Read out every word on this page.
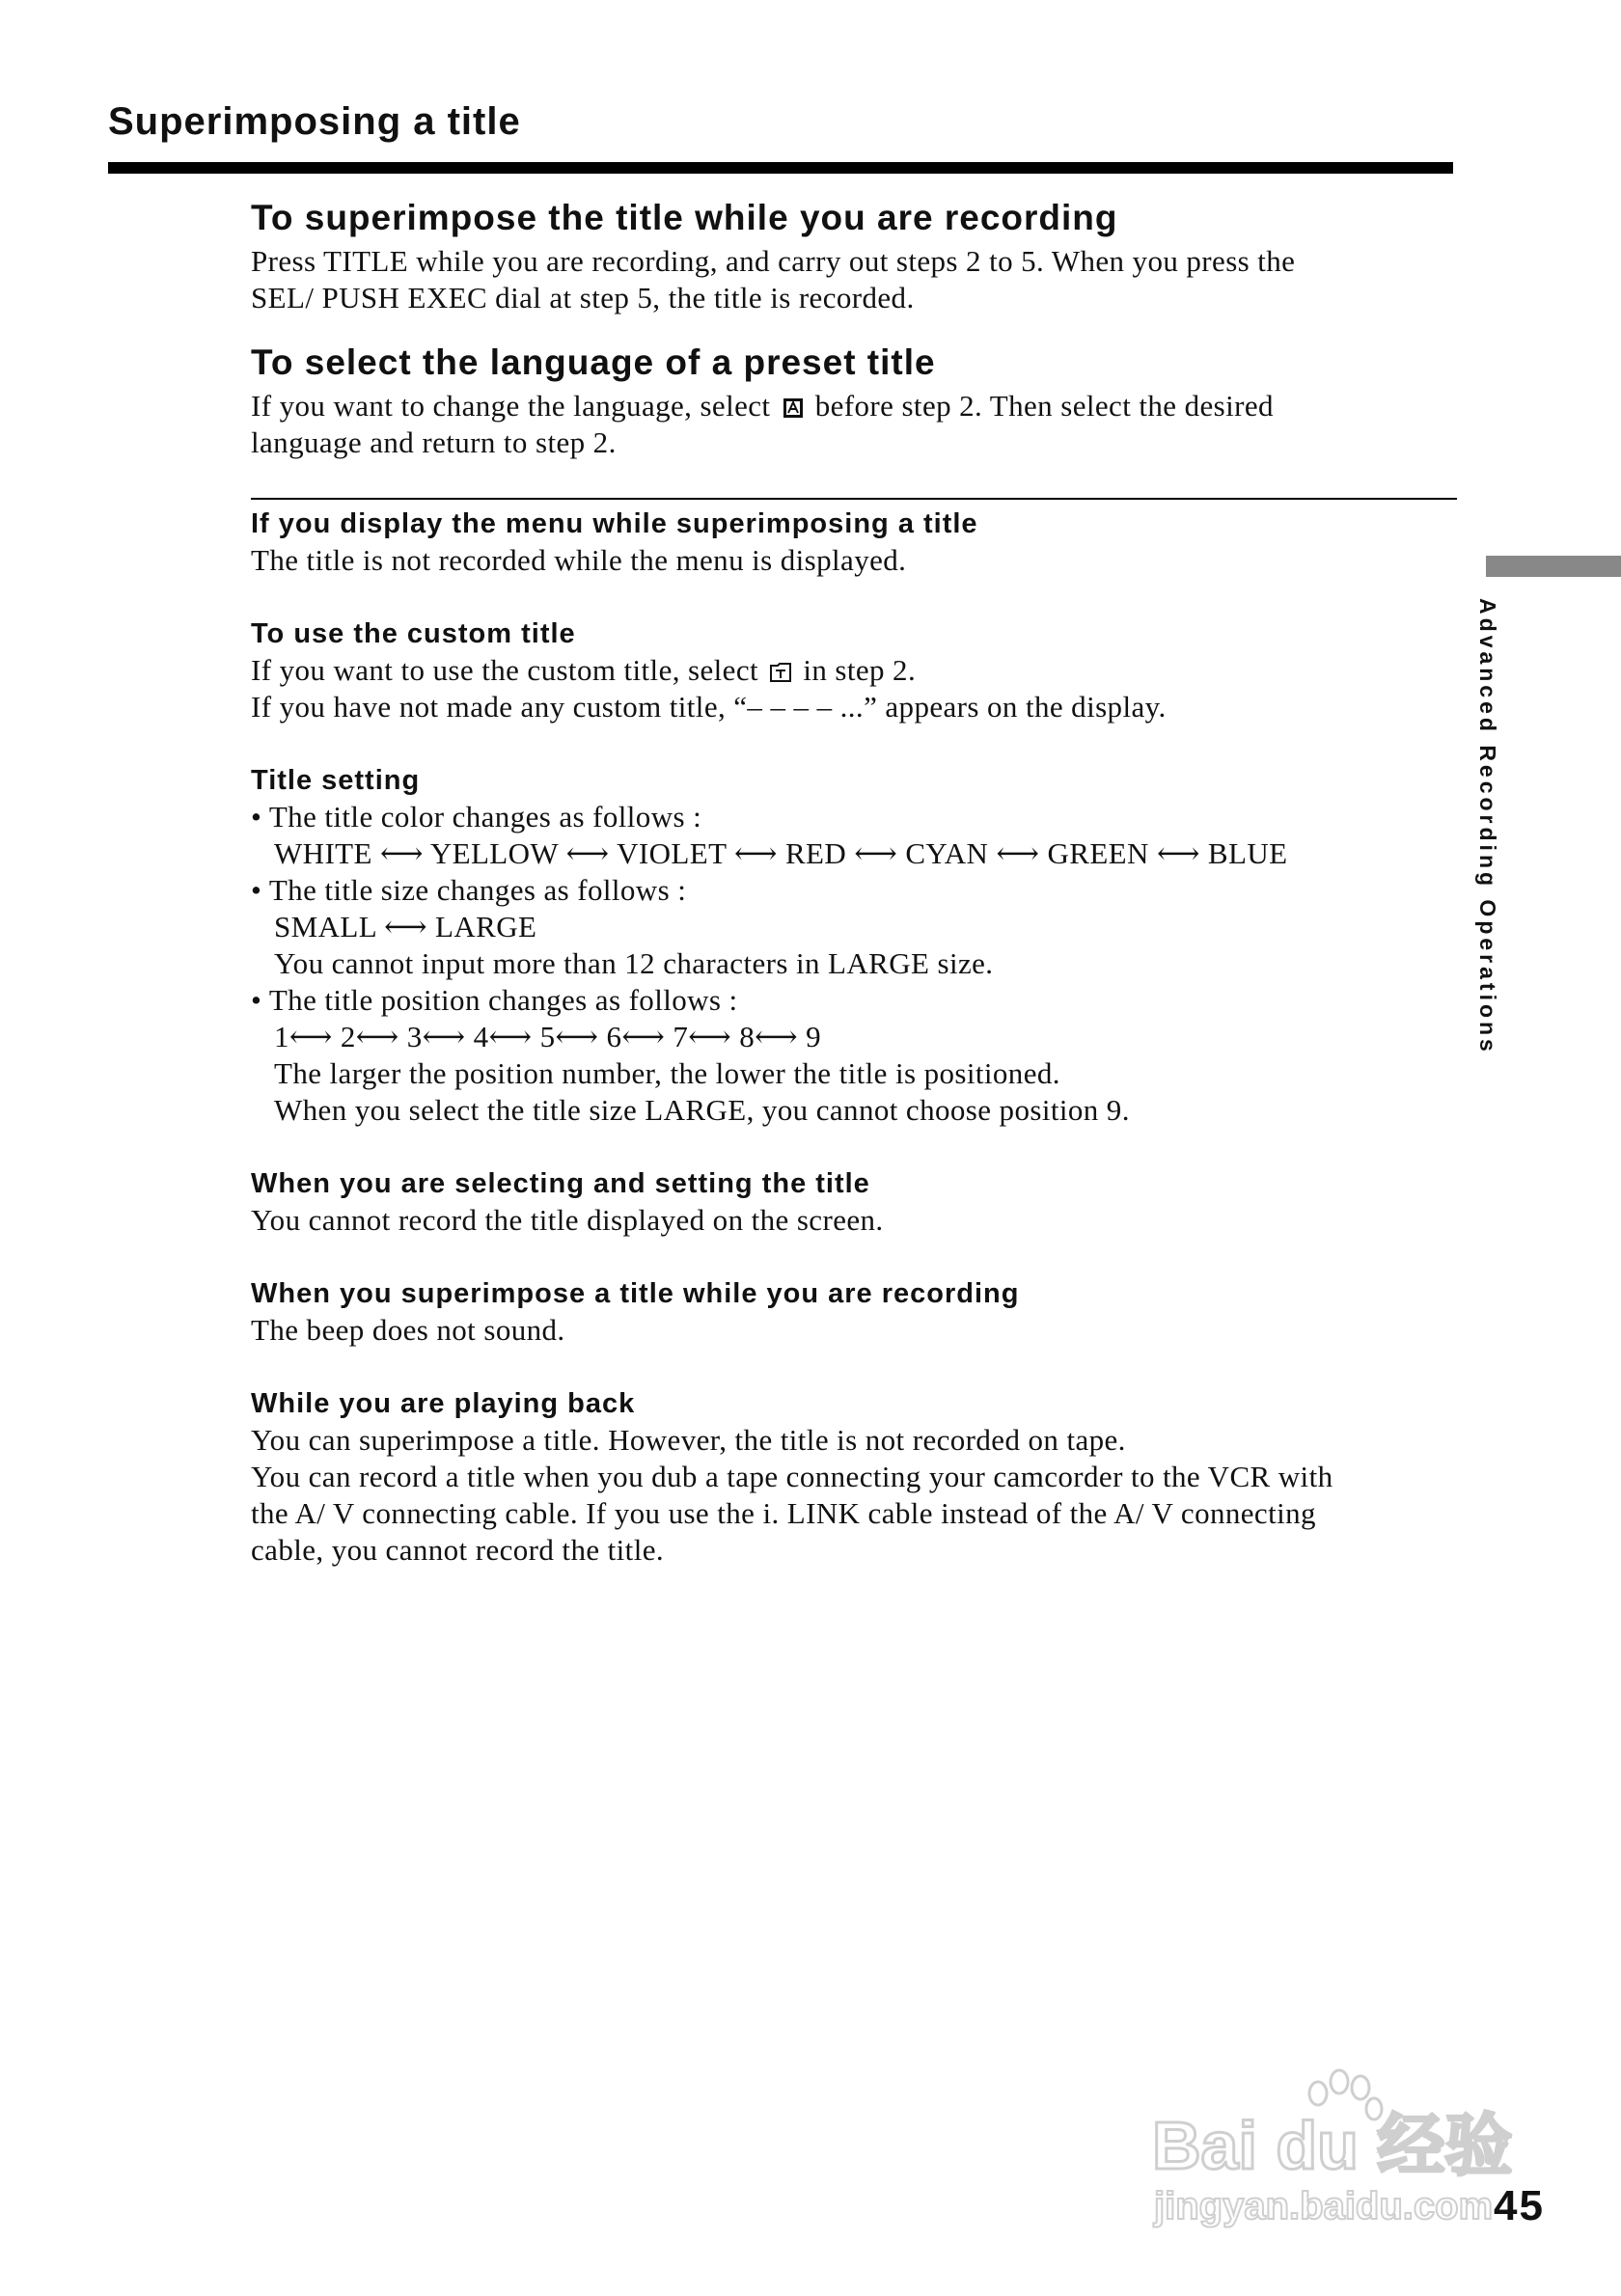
Superimposing a title

To superimpose the title while you are recording

Press TITLE while you are recording, and carry out steps 2 to 5. When you press the

SEL/ PUSH EXEC dial at step 5, the title is recorded.

To select the language of a preset title

If you want to change the language, select before step 2. Then select the desired

language and return to step 2.

If you display the menu while superimposing a title

The title is not recorded while the menu is displayed.

To use the custom title

If you want to use the custom title, select in step 2.

If you have not made any custom title, “– – – – ...” appears on the display.

Title setting

• The title color changes as follows :

WHITE ⟷ YELLOW ⟷ VIOLET ⟷ RED ⟷ CYAN ⟷ GREEN ⟷ BLUE

• The title size changes as follows :

SMALL ⟷ LARGE

You cannot input more than 12 characters in LARGE size.

• The title position changes as follows :

1⟷ 2⟷ 3⟷ 4⟷ 5⟷ 6⟷ 7⟷ 8⟷ 9

The larger the position number, the lower the title is positioned.

When you select the title size LARGE, you cannot choose position 9.

When you are selecting and setting the title

You cannot record the title displayed on the screen.

When you superimpose a title while you are recording

The beep does not sound.

While you are playing back

You can superimpose a title. However, the title is not recorded on tape.

You can record a title when you dub a tape connecting your camcorder to the VCR with

the A/ V connecting cable. If you use the i. LINK cable instead of the A/ V connecting

cable, you cannot record the title.

Advanced Recording Operations
Bai du 经验
jingyan.baidu.com 45
